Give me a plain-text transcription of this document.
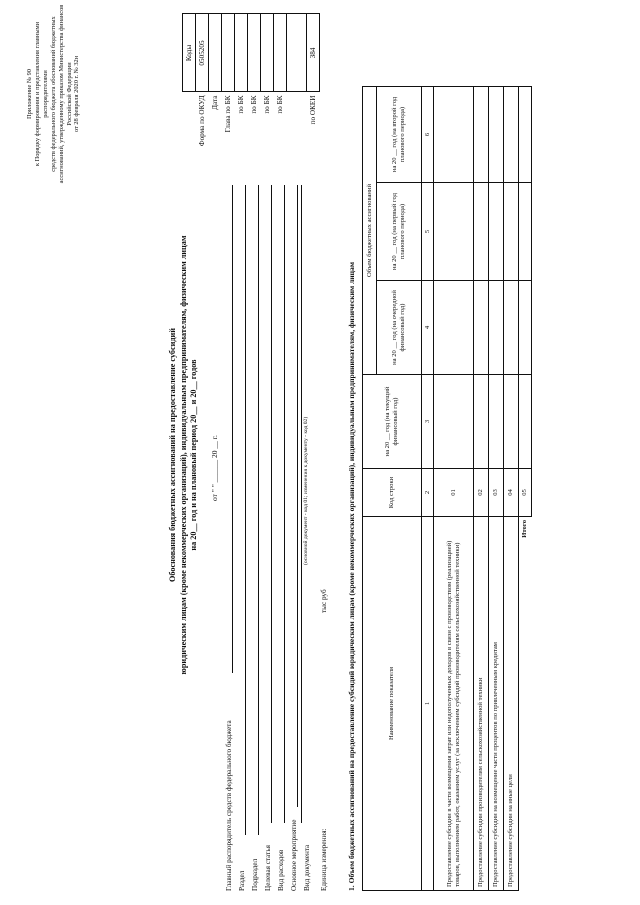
Приложение № 90 к Порядку формирования и представления главными распорядителями средств федерального бюджета обоснований бюджетных ассигнований, утвержденному приказом Министерства финансов Российской Федерации от 28 февраля 2020 г. № 32н
	Коды
Форма по ОКУД	0505205
Дата	
Глава по БК	
по БК	
по БК	
по БК	
по БК	

по ОКЕИ	384
Обоснования бюджетных ассигнований на предоставление субсидий юридическим лицам (кроме некоммерческих организаций), индивидуальным предпринимателям, физическим лицам на 20__ год и на плановый период 20__ и 20__ годов от " " ______ 20 __ г.
Главный распорядитель средств федерального бюджета Раздел Подраздел Целевая статья Вид расходов Основное мероприятие Вид документа
(основной документ - код 01; изменения к документу - код 02)
Единица измерения:
тыс руб	1. Объем бюджетных ассигнований на предоставление субсидий юридическим лицам (кроме некоммерческих организаций), индивидуальным предпринимателям, физическим лицам	Наименование показателя	Код строки	на 20 __ год (на текущий финансовый год)	Объем бюджетных ассигнований		
			на 20 __ год (на очередной финансовый год)	на 20 __ год (на первый год планового периода)	на 20 __ год (на второй год планового периода)
1	2	3	4	5	6
Предоставление субсидии в части возмещения затрат или недополученных доходов в связи с производством (реализацией) товаров, выполнением работ, оказанием услуг (за исключением субсидий производителям сельскохозяйственной техники)	01				
Предоставление субсидии производителям сельскохозяйственной техники	02				
Предоставление субсидии на возмещение части процентов по привлеченным кредитам	03				
Предоставление субсидии на иные цели	04				
Итого	05				
